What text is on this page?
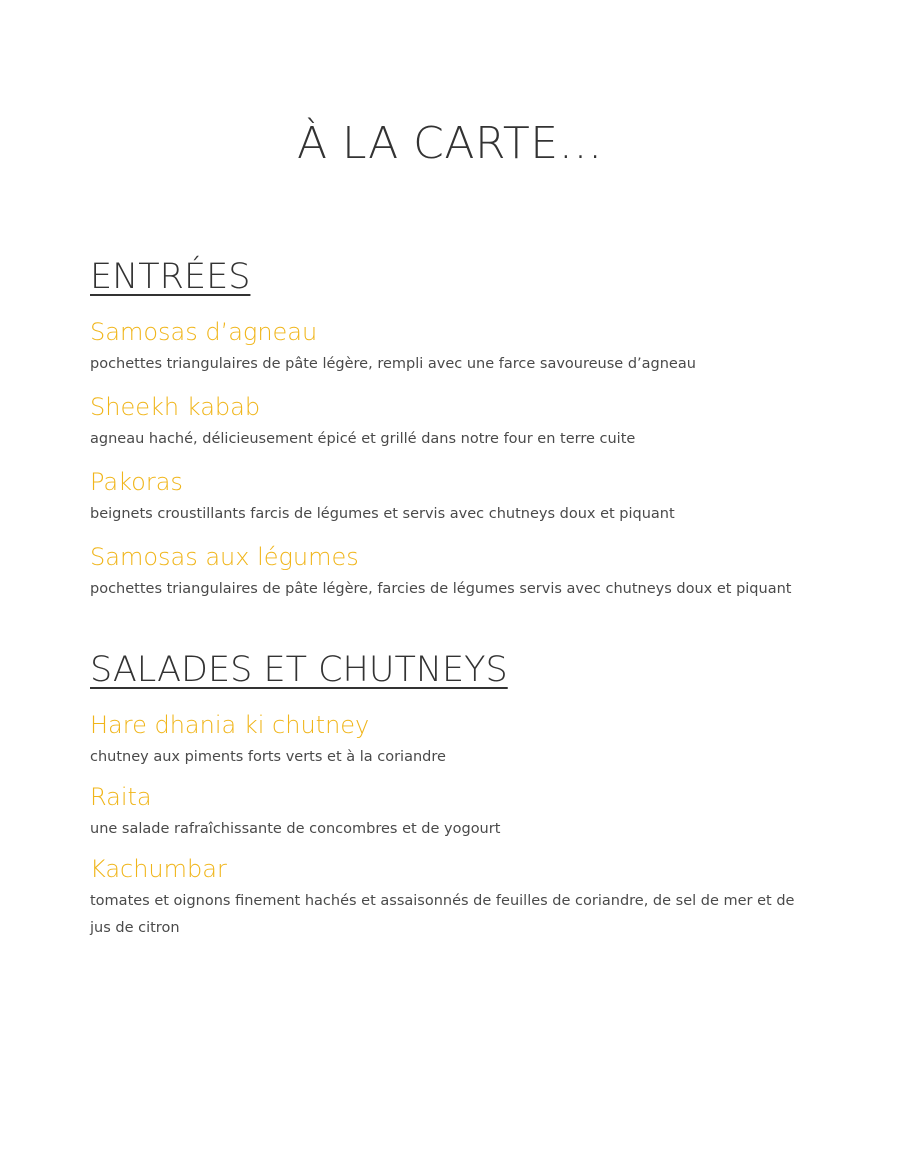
À LA CARTE…
ENTRÉES
Samosas d’agneau

pochettes triangulaires de pâte légère, rempli avec une farce savoureuse d’agneau

Sheekh kabab

agneau haché, délicieusement épicé et grillé dans notre four en terre cuite

Pakoras

beignets croustillants farcis de légumes et servis avec chutneys doux et piquant

Samosas aux légumes

pochettes triangulaires de pâte légère, farcies de légumes servis avec chutneys doux et piquant

SALADES ET CHUTNEYS
Hare dhania ki chutney

chutney aux piments forts verts et à la coriandre

Raita

une salade rafraîchissante de concombres et de yogourt

Kachumbar

tomates et oignons finement hachés et assaisonnés de feuilles de coriandre, de sel de mer et de jus de citron
